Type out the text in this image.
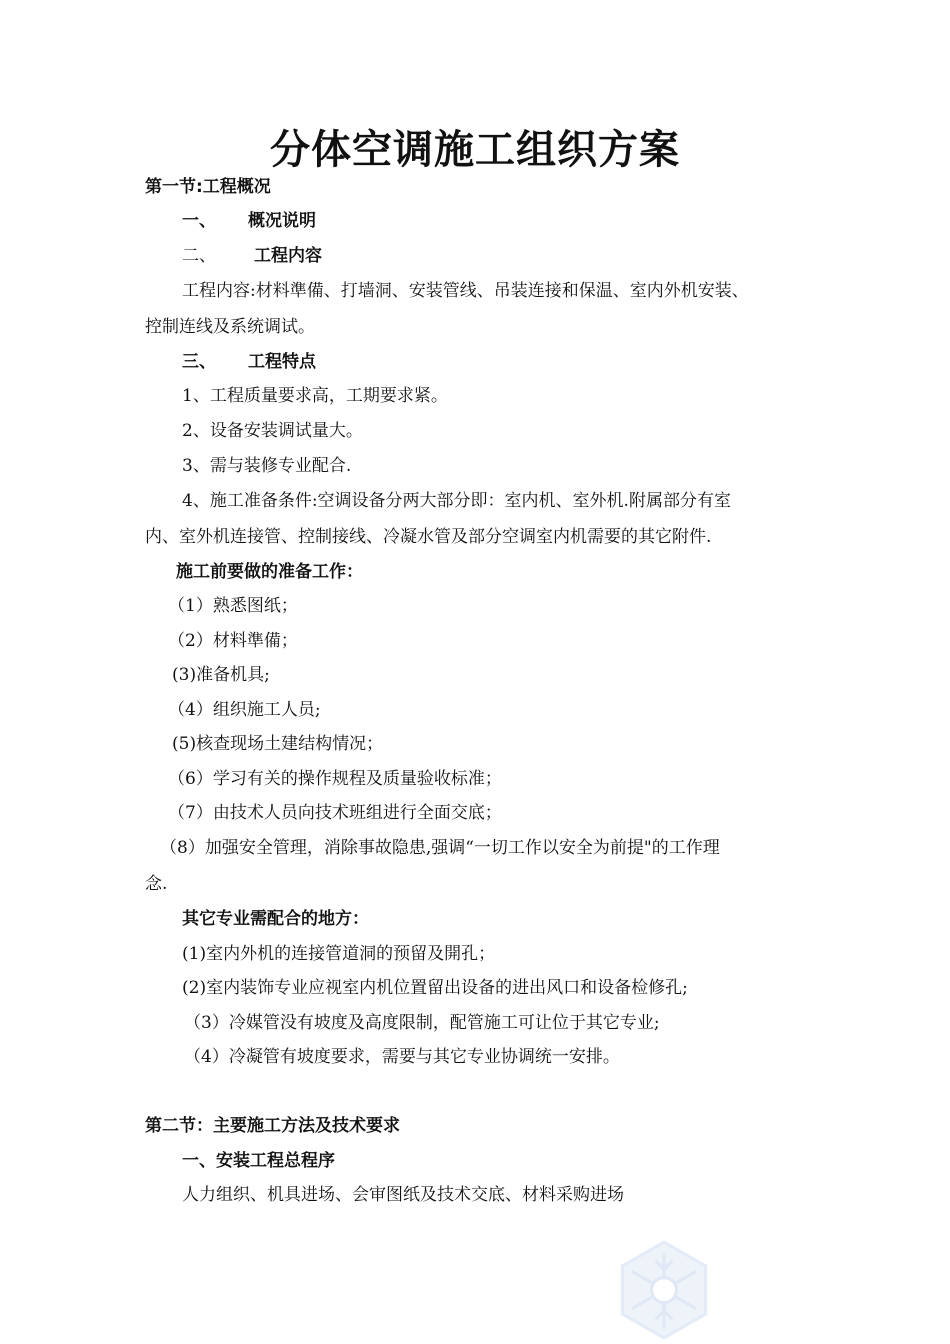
分体空调施工组织方案
第一节:工程概况
一、 概况说明
二、 工程内容
工程内容:材料準備、打墙洞、安装管线、吊装连接和保温、室内外机安装、
控制连线及系统调试。
三、 工程特点
1、工程质量要求高，工期要求紧。
2、设备安装调试量大。
3、需与装修专业配合.
4、施工准备条件:空调设备分两大部分即：室内机、室外机.附属部分有室
内、室外机连接管、控制接线、冷凝水管及部分空调室内机需要的其它附件.
施工前要做的准备工作：
（1）熟悉图纸；
（2）材料準備；
(3)准备机具;
（4）组织施工人员;
(5)核查现场土建结构情况；
（6）学习有关的操作规程及质量验收标准；
（7）由技术人员向技术班组进行全面交底；
（8）加强安全管理，消除事故隐患,强调“一切工作以安全为前提"的工作理
念.
其它专业需配合的地方：
(1)室内外机的连接管道洞的预留及開孔；
(2)室内装饰专业应视室内机位置留出设备的进出风口和设备检修孔;
（3）冷媒管没有坡度及高度限制，配管施工可让位于其它专业;
（4）冷凝管有坡度要求，需要与其它专业协调统一安排。
第二节：主要施工方法及技术要求
一、安装工程总程序
人力组织、机具进场、会审图纸及技术交底、材料采购进场
